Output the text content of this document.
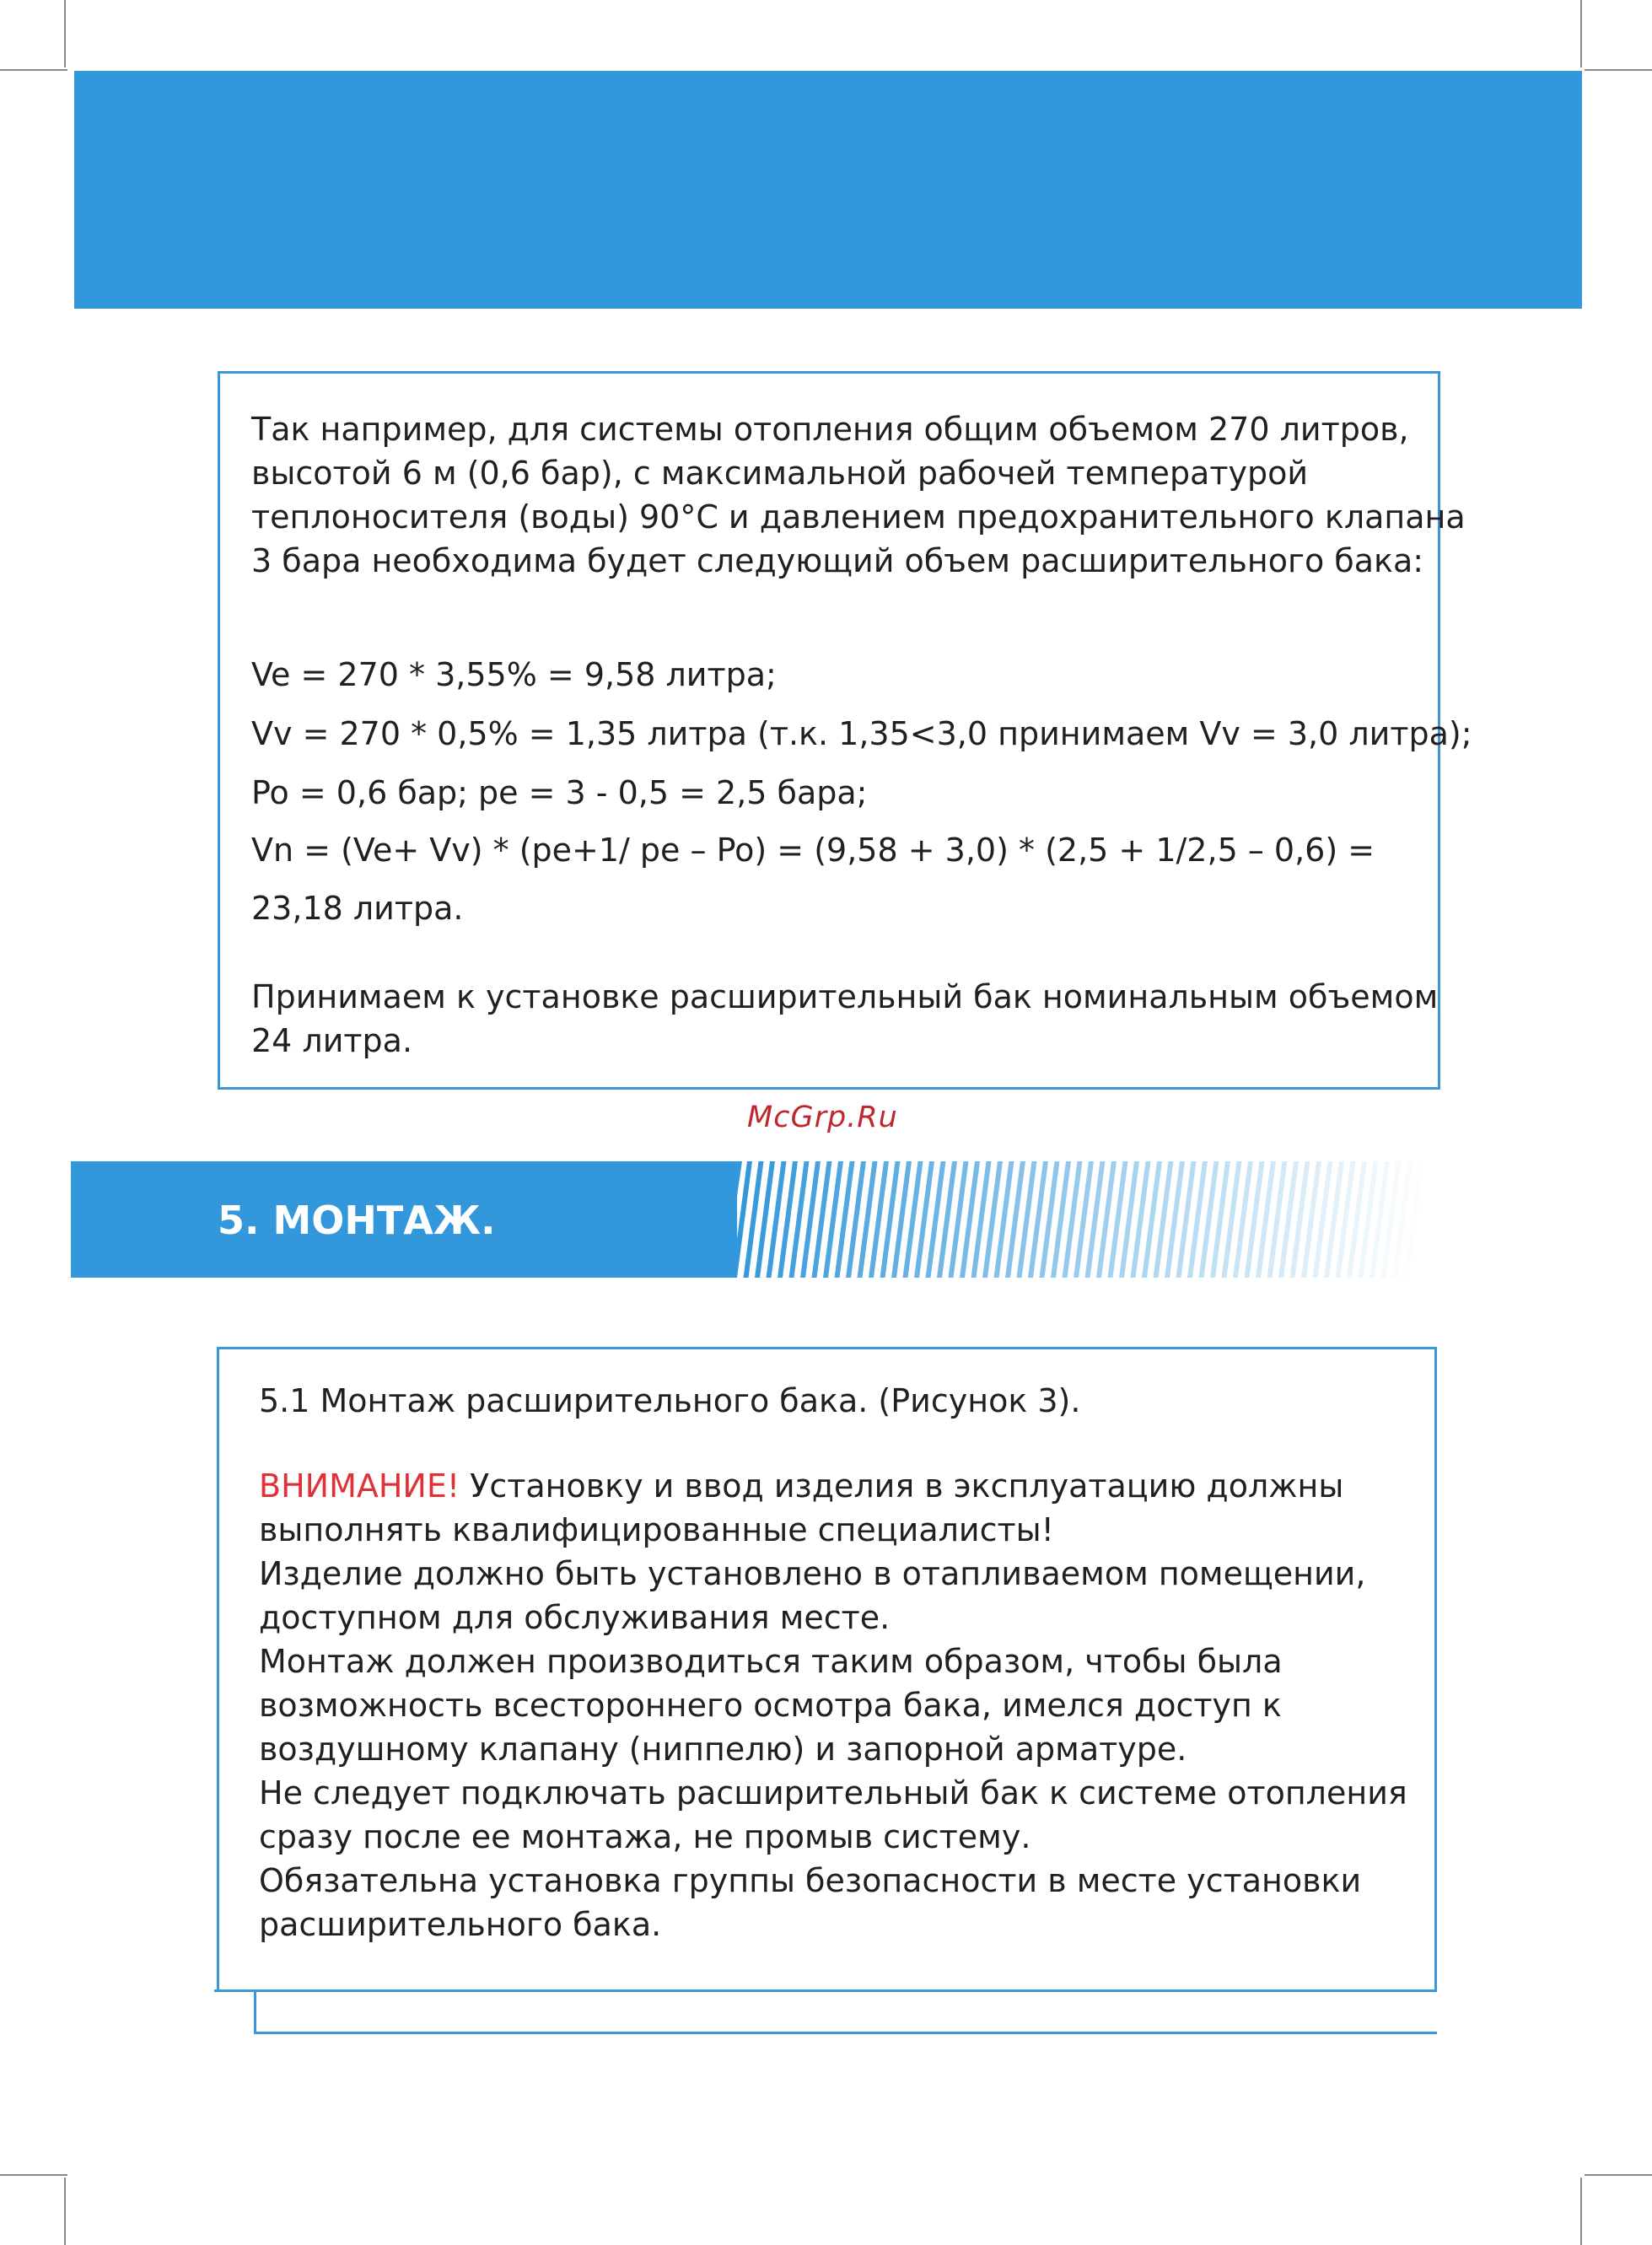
Так например, для системы отопления общим объемом 270 литров,

высотой 6 м (0,6 бар), с максимальной рабочей температурой

теплоносителя (воды) 90°С и давлением предохранительного клапана

3 бара необходима будет следующий объем расширительного бака:

Ve = 270 * 3,55% = 9,58 литра;

Vv = 270 * 0,5% = 1,35 литра (т.к. 1,35<3,0 принимаем Vv = 3,0 литра);

Po = 0,6 бар; pe = 3 - 0,5 = 2,5 бара;

Vn = (Ve+ Vv) * (pe+1/ pe – Po) = (9,58 + 3,0) * (2,5 + 1/2,5 – 0,6) =

23,18 литра.

Принимаем к установке расширительный бак номинальным объемом

24 литра.

McGrp.Ru
5. МОНТАЖ.

5.1 Монтаж расширительного бака. (Рисунок 3).

ВНИМАНИЕ! Установку и ввод изделия в эксплуатацию должны

выполнять квалифицированные специалисты!

Изделие должно быть установлено в отапливаемом помещении,

доступном для обслуживания месте.

Монтаж должен производиться таким образом, чтобы была

возможность всестороннего осмотра бака, имелся доступ к

воздушному клапану (ниппелю) и запорной арматуре.

Не следует подключать расширительный бак к системе отопления

сразу после ее монтажа, не промыв систему.

Обязательна установка группы безопасности в месте установки

расширительного бака.
